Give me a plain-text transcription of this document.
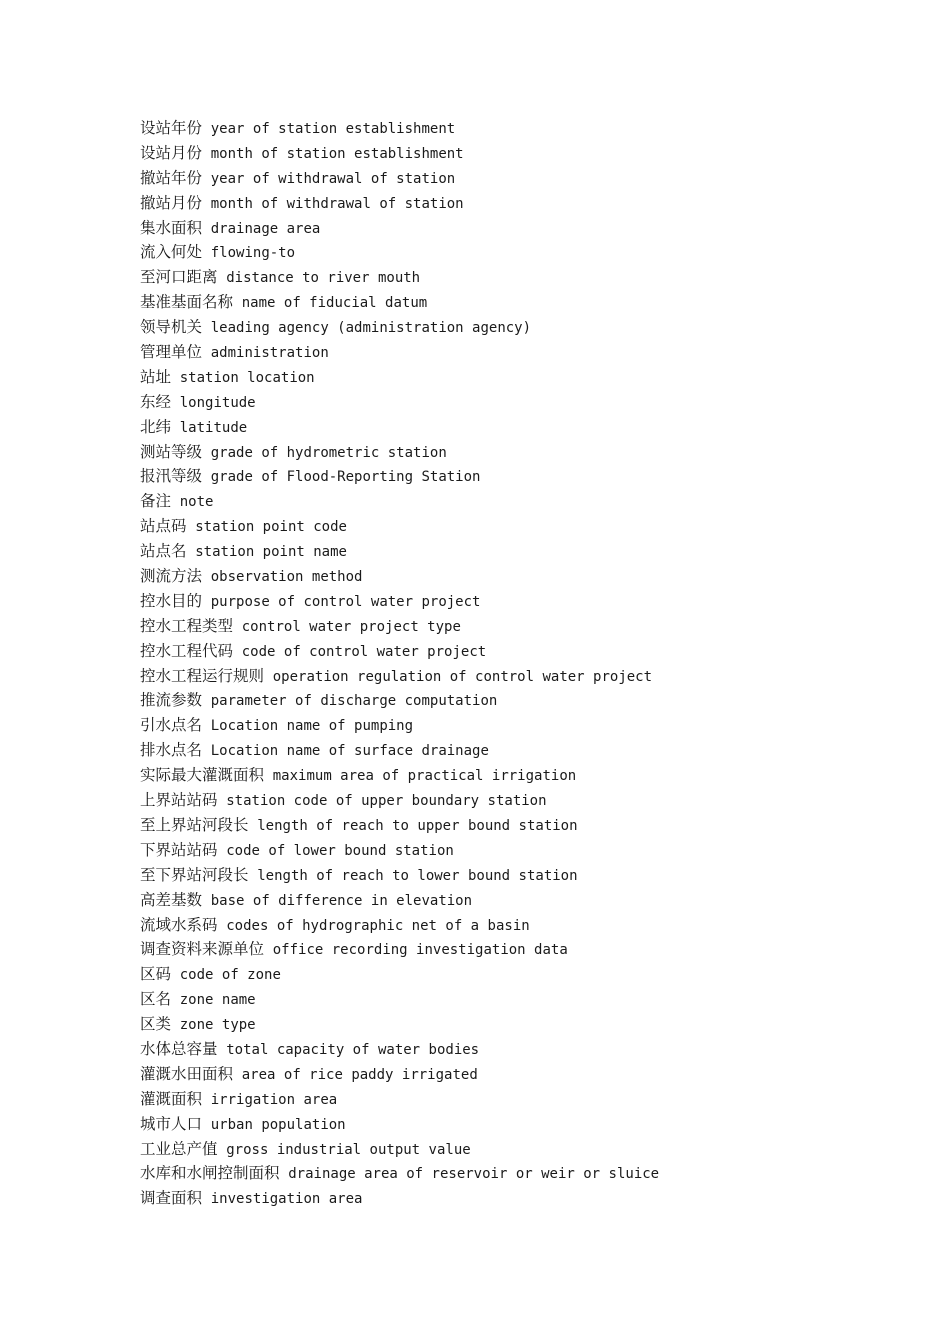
设站年份 year of station establishment
设站月份 month of station establishment
撤站年份 year of withdrawal of station
撤站月份 month of withdrawal of station
集水面积 drainage area
流入何处 flowing-to
至河口距离 distance to river mouth
基准基面名称 name of fiducial datum
领导机关 leading agency (administration agency)
管理单位 administration
站址 station location
东经 longitude
北纬 latitude
测站等级 grade of hydrometric station
报汛等级 grade of Flood-Reporting Station
备注 note
站点码 station point code
站点名 station point name
测流方法 observation method
控水目的 purpose of control water project
控水工程类型 control water project type
控水工程代码 code of control water project
控水工程运行规则 operation regulation of control water project
推流参数 parameter of discharge computation
引水点名 Location name of pumping
排水点名 Location name of surface drainage
实际最大灌溉面积 maximum area of practical irrigation
上界站站码 station code of upper boundary station
至上界站河段长 length of reach to upper bound station
下界站站码 code of lower bound station
至下界站河段长 length of reach to lower bound station
高差基数 base of difference in elevation
流域水系码 codes of hydrographic net of a basin
调查资料来源单位 office recording investigation data
区码 code of zone
区名 zone name
区类 zone type
水体总容量 total capacity of water bodies
灌溉水田面积 area of rice paddy irrigated
灌溉面积 irrigation area
城市人口 urban population
工业总产值 gross industrial output value
水库和水闸控制面积 drainage area of reservoir or weir or sluice
调查面积 investigation area
